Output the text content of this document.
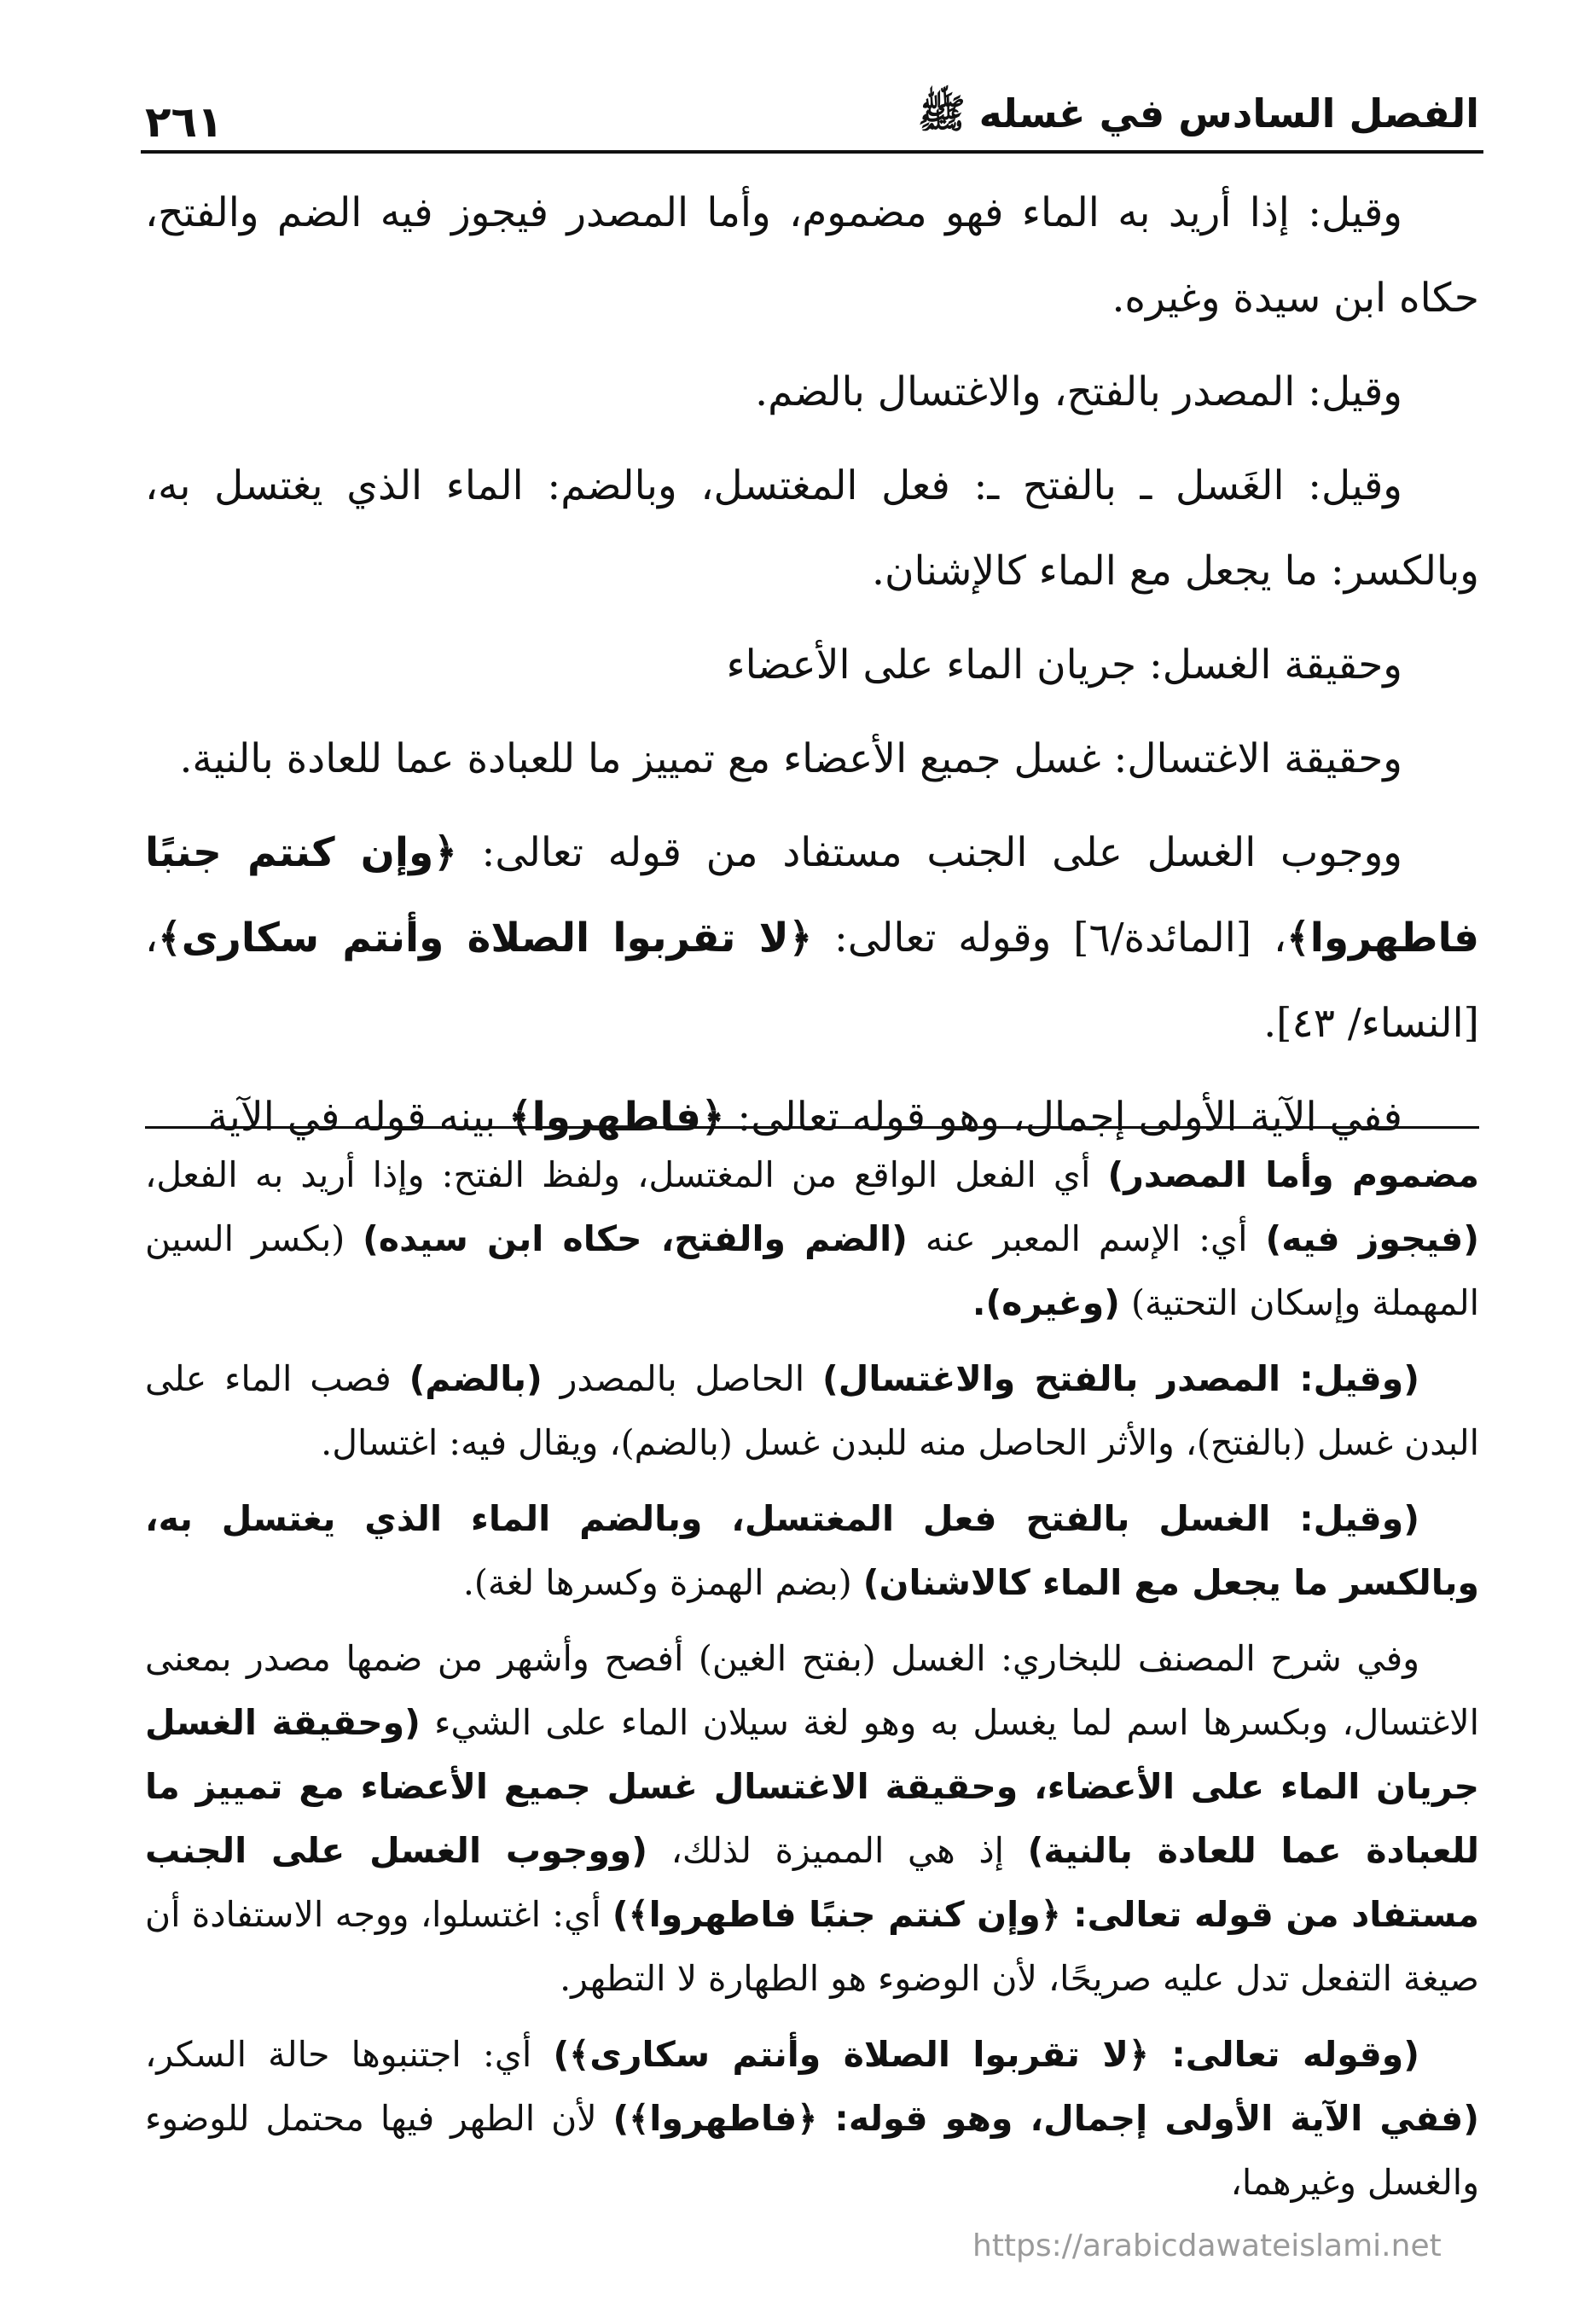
الفصل السادس في غسله ﷺ
٢٦١

وقيل: إذا أريد به الماء فهو مضموم، وأما المصدر فيجوز فيه الضم والفتح، حكاه ابن سيدة وغيره.

وقيل: المصدر بالفتح، والاغتسال بالضم.

وقيل: الغَسل ـ بالفتح ـ: فعل المغتسل، وبالضم: الماء الذي يغتسل به، وبالكسر: ما يجعل مع الماء كالإشنان.

وحقيقة الغسل: جريان الماء على الأعضاء

وحقيقة الاغتسال: غسل جميع الأعضاء مع تمييز ما للعبادة عما للعادة بالنية.

ووجوب الغسل على الجنب مستفاد من قوله تعالى: ﴿وإن كنتم جنبًا فاطهروا﴾، [المائدة/٦] وقوله تعالى: ﴿لا تقربوا الصلاة وأنتم سكارى﴾، [النساء/ ٤٣].

ففي الآية الأولى إجمال، وهو قوله تعالى: ﴿فاطهروا﴾ بينه قوله في الآية

مضموم وأما المصدر) أي الفعل الواقع من المغتسل، ولفظ الفتح: وإذا أريد به الفعل، (فيجوز فيه) أي: الإسم المعبر عنه (الضم والفتح، حكاه ابن سيده) (بكسر السين المهملة وإسكان التحتية) (وغيره).

(وقيل: المصدر بالفتح والاغتسال) الحاصل بالمصدر (بالضم) فصب الماء على البدن غسل (بالفتح)، والأثر الحاصل منه للبدن غسل (بالضم)، ويقال فيه: اغتسال.

(وقيل: الغسل بالفتح فعل المغتسل، وبالضم الماء الذي يغتسل به، وبالكسر ما يجعل مع الماء كالاشنان) (بضم الهمزة وكسرها لغة).

وفي شرح المصنف للبخاري: الغسل (بفتح الغين) أفصح وأشهر من ضمها مصدر بمعنى الاغتسال، وبكسرها اسم لما يغسل به وهو لغة سيلان الماء على الشيء (وحقيقة الغسل جريان الماء على الأعضاء، وحقيقة الاغتسال غسل جميع الأعضاء مع تمييز ما للعبادة عما للعادة بالنية) إذ هي المميزة لذلك، (ووجوب الغسل على الجنب مستفاد من قوله تعالى: ﴿وإن كنتم جنبًا فاطهروا﴾) أي: اغتسلوا، ووجه الاستفادة أن صيغة التفعل تدل عليه صريحًا، لأن الوضوء هو الطهارة لا التطهر.

(وقوله تعالى: ﴿لا تقربوا الصلاة وأنتم سكارى﴾) أي: اجتنبوها حالة السكر، (ففي الآية الأولى إجمال، وهو قوله: ﴿فاطهروا﴾) لأن الطهر فيها محتمل للوضوء والغسل وغيرهما،

https://arabicdawateislami.net
